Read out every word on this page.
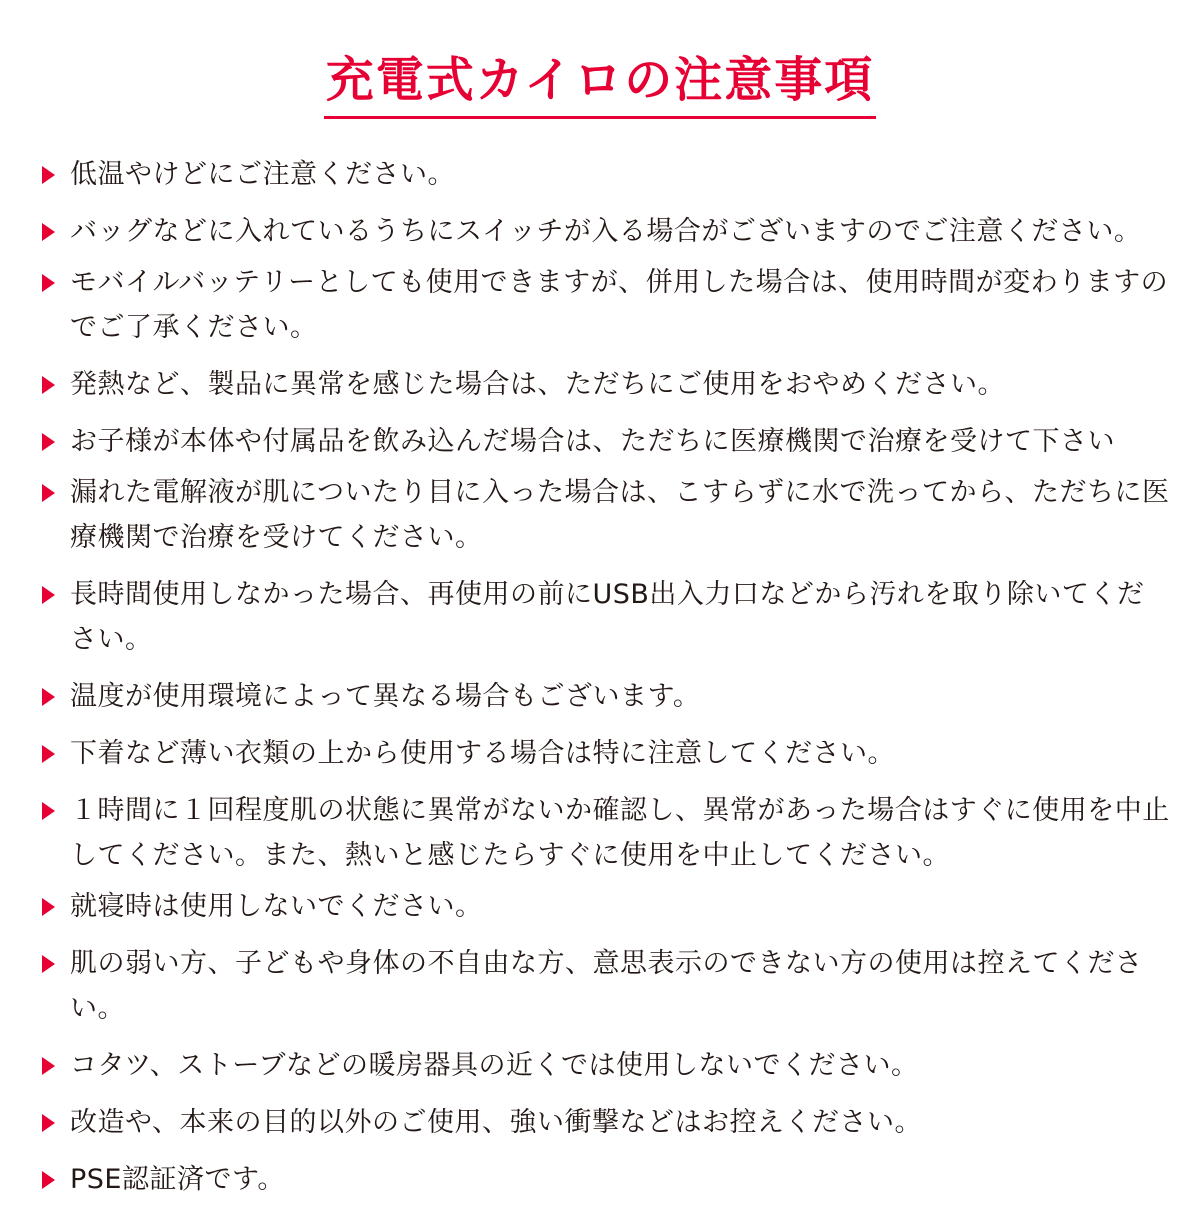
充電式カイロの注意事項
低温やけどにご注意ください。
バッグなどに入れているうちにスイッチが入る場合がございますのでご注意ください。
モバイルバッテリーとしても使用できますが、併用した場合は、使用時間が変わりますのでご了承ください。
発熱など、製品に異常を感じた場合は、ただちにご使用をおやめください。
お子様が本体や付属品を飲み込んだ場合は、ただちに医療機関で治療を受けて下さい
漏れた電解液が肌についたり目に入った場合は、こすらずに水で洗ってから、ただちに医療機関で治療を受けてください。
長時間使用しなかった場合、再使用の前にUSB出入力口などから汚れを取り除いてください。
温度が使用環境によって異なる場合もございます。
下着など薄い衣類の上から使用する場合は特に注意してください。
１時間に１回程度肌の状態に異常がないか確認し、異常があった場合はすぐに使用を中止してください。また、熱いと感じたらすぐに使用を中止してください。
就寝時は使用しないでください。
肌の弱い方、子どもや身体の不自由な方、意思表示のできない方の使用は控えてください。
コタツ、ストーブなどの暖房器具の近くでは使用しないでください。
改造や、本来の目的以外のご使用、強い衝撃などはお控えください。
PSE認証済です。
